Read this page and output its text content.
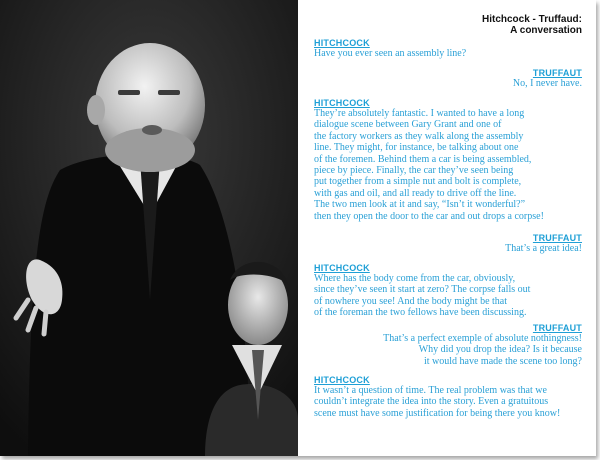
Hitchcock - Truffaud:
A conversation
HITCHCOCK
Have you ever seen an assembly line?
TRUFFAUT
No, I never have.
HITCHCOCK
They’re absolutely fantastic. I wanted to have a long
dialogue scene between Gary Grant and one of
the factory workers as they walk along the assembly
line. They might, for instance, be talking about one
of the foremen. Behind them a car is being assembled,
piece by piece. Finally, the car they’ve seen being
put together from a simple nut and bolt is complete,
with gas and oil, and all ready to drive off the line.
The two men look at it and say, “Isn’t it wonderful?”
then they open the door to the car and out drops a corpse!
TRUFFAUT
That’s a great idea!
HITCHCOCK
Where has the body come from the car, obviously,
since they’ve seen it start at zero? The corpse falls out
of nowhere you see! And the body might be that
of the foreman the two fellows have been discussing.
TRUFFAUT
That’s a perfect exemple of absolute nothingness!
Why did you drop the idea? Is it because
it would have made the scene too long?
HITCHCOCK
It wasn’t a question of time. The real problem was that we
couldn’t integrate the idea into the story. Even a gratuitous
scene must have some justification for being there you know!
